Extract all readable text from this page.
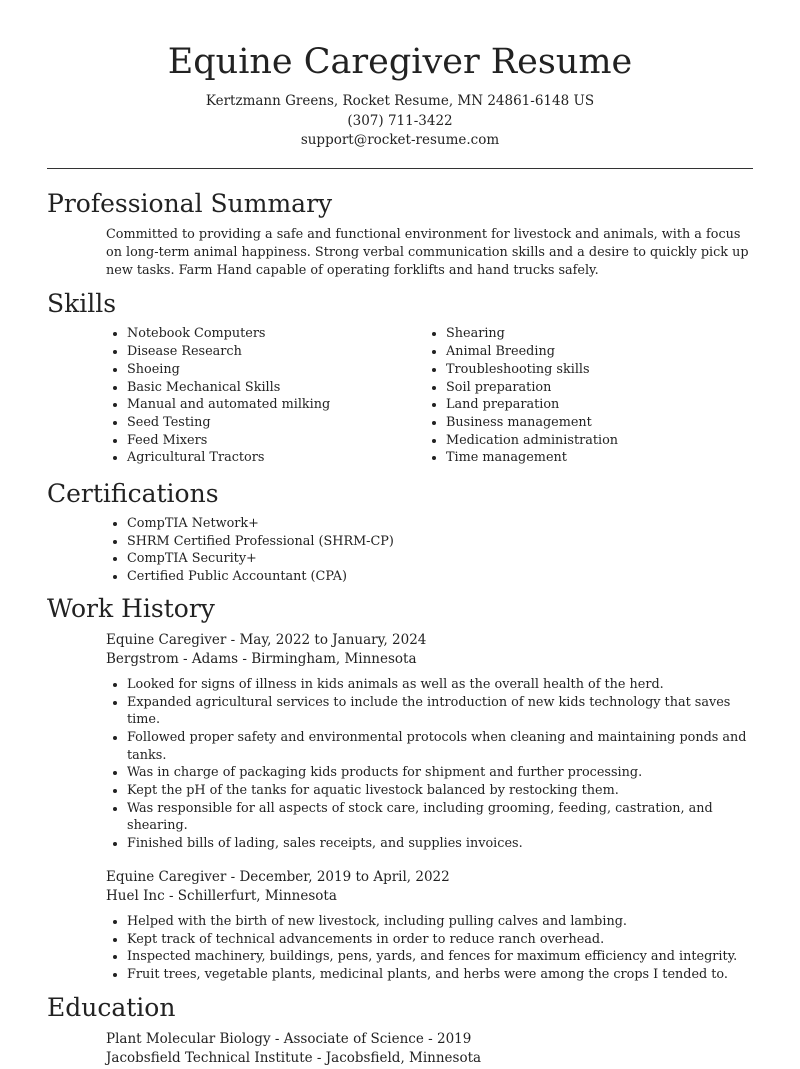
Equine Caregiver Resume
Kertzmann Greens, Rocket Resume, MN 24861-6148 US
(307) 711-3422
support@rocket-resume.com
Professional Summary

Committed to providing a safe and functional environment for livestock and animals, with a focus on long-term animal happiness. Strong verbal communication skills and a desire to quickly pick up new tasks. Farm Hand capable of operating forklifts and hand trucks safely.

Skills
• Notebook Computers
• Disease Research
• Shoeing
• Basic Mechanical Skills
• Manual and automated milking
• Seed Testing
• Feed Mixers
• Agricultural Tractors
• Shearing
• Animal Breeding
• Troubleshooting skills
• Soil preparation
• Land preparation
• Business management
• Medication administration
• Time management
Certifications
• CompTIA Network+
• SHRM Certified Professional (SHRM-CP)
• CompTIA Security+
• Certified Public Accountant (CPA)
Work History
Equine Caregiver - May, 2022 to January, 2024
Bergstrom - Adams - Birmingham, Minnesota
• Looked for signs of illness in kids animals as well as the overall health of the herd.
• Expanded agricultural services to include the introduction of new kids technology that saves time.
• Followed proper safety and environmental protocols when cleaning and maintaining ponds and tanks.
• Was in charge of packaging kids products for shipment and further processing.
• Kept the pH of the tanks for aquatic livestock balanced by restocking them.
• Was responsible for all aspects of stock care, including grooming, feeding, castration, and shearing.
• Finished bills of lading, sales receipts, and supplies invoices.
Equine Caregiver - December, 2019 to April, 2022
Huel Inc - Schillerfurt, Minnesota
• Helped with the birth of new livestock, including pulling calves and lambing.
• Kept track of technical advancements in order to reduce ranch overhead.
• Inspected machinery, buildings, pens, yards, and fences for maximum efficiency and integrity.
• Fruit trees, vegetable plants, medicinal plants, and herbs were among the crops I tended to.
Education
Plant Molecular Biology - Associate of Science - 2019
Jacobsfield Technical Institute - Jacobsfield, Minnesota
